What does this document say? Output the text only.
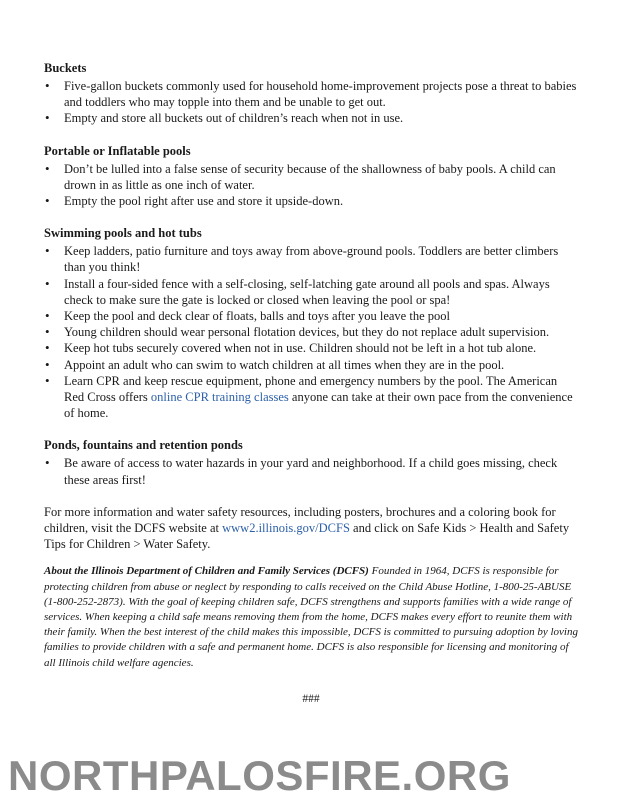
Buckets
• Five-gallon buckets commonly used for household home-improvement projects pose a threat to babies and toddlers who may topple into them and be unable to get out.
• Empty and store all buckets out of children’s reach when not in use.
Portable or Inflatable pools
• Don’t be lulled into a false sense of security because of the shallowness of baby pools. A child can drown in as little as one inch of water.
• Empty the pool right after use and store it upside-down.
Swimming pools and hot tubs
• Keep ladders, patio furniture and toys away from above-ground pools. Toddlers are better climbers than you think!
• Install a four-sided fence with a self-closing, self-latching gate around all pools and spas. Always check to make sure the gate is locked or closed when leaving the pool or spa!
• Keep the pool and deck clear of floats, balls and toys after you leave the pool
• Young children should wear personal flotation devices, but they do not replace adult supervision.
• Keep hot tubs securely covered when not in use. Children should not be left in a hot tub alone.
• Appoint an adult who can swim to watch children at all times when they are in the pool.
• Learn CPR and keep rescue equipment, phone and emergency numbers by the pool. The American Red Cross offers online CPR training classes anyone can take at their own pace from the convenience of home.
Ponds, fountains and retention ponds
• Be aware of access to water hazards in your yard and neighborhood. If a child goes missing, check these areas first!

For more information and water safety resources, including posters, brochures and a coloring book for children, visit the DCFS website at www2.illinois.gov/DCFS and click on Safe Kids > Health and Safety Tips for Children > Water Safety.

About the Illinois Department of Children and Family Services (DCFS) Founded in 1964, DCFS is responsible for protecting children from abuse or neglect by responding to calls received on the Child Abuse Hotline, 1-800-25-ABUSE (1-800-252-2873). With the goal of keeping children safe, DCFS strengthens and supports families with a wide range of services. When keeping a child safe means removing them from the home, DCFS makes every effort to reunite them with their family. When the best interest of the child makes this impossible, DCFS is committed to pursuing adoption by loving families to provide children with a safe and permanent home. DCFS is also responsible for licensing and monitoring of all Illinois child welfare agencies.

###
NORTHPALOSFIRE.ORG
